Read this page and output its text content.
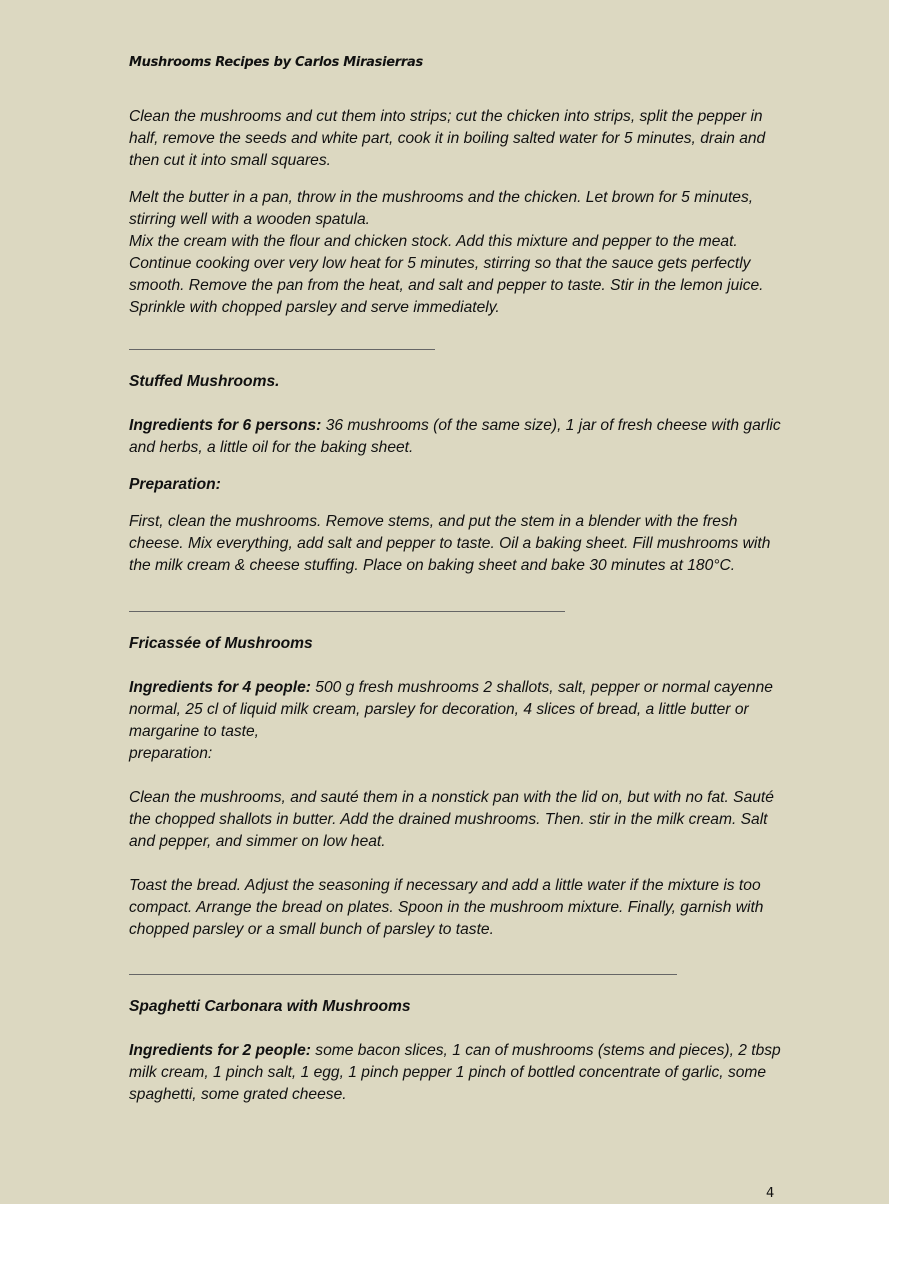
Mushrooms Recipes by Carlos Mirasierras

Clean the mushrooms and cut them into strips; cut the chicken into strips, split the pepper in half, remove the seeds and white part, cook it in boiling salted water for 5 minutes, drain and then cut it into small squares.

Melt the butter in a pan, throw in the mushrooms and the chicken. Let brown for 5 minutes, stirring well with a wooden spatula.

Mix the cream with the flour and chicken stock. Add this mixture and pepper to the meat.

Continue cooking over very low heat for 5 minutes, stirring so that the sauce gets perfectly smooth. Remove the pan from the heat, and salt and pepper to taste. Stir in the lemon juice. Sprinkle with chopped parsley and serve immediately.

Stuffed Mushrooms.

Ingredients for 6 persons: 36 mushrooms (of the same size), 1 jar of fresh cheese with garlic and herbs, a little oil for the baking sheet.

Preparation:

First, clean the mushrooms. Remove stems, and put the stem in a blender with the fresh cheese. Mix everything, add salt and pepper to taste. Oil a baking sheet. Fill mushrooms with the milk cream & cheese stuffing. Place on baking sheet and bake 30 minutes at 180°C.

Fricassée of Mushrooms

Ingredients for 4 people: 500 g fresh mushrooms 2 shallots, salt, pepper or normal cayenne normal, 25 cl of liquid milk cream, parsley for decoration, 4 slices of bread, a little butter or margarine to taste,

preparation:

Clean the mushrooms, and sauté them in a nonstick pan with the lid on, but with no fat. Sauté the chopped shallots in butter. Add the drained mushrooms. Then. stir in the milk cream. Salt and pepper, and simmer on low heat.

Toast the bread. Adjust the seasoning if necessary and add a little water if the mixture is too compact. Arrange the bread on plates. Spoon in the mushroom mixture. Finally, garnish with chopped parsley or a small bunch of parsley to taste.

Spaghetti Carbonara with Mushrooms

Ingredients for 2 people: some bacon slices, 1 can of mushrooms (stems and pieces), 2 tbsp milk cream, 1 pinch salt, 1 egg, 1 pinch pepper 1 pinch of bottled concentrate of garlic, some spaghetti, some grated cheese.

4
